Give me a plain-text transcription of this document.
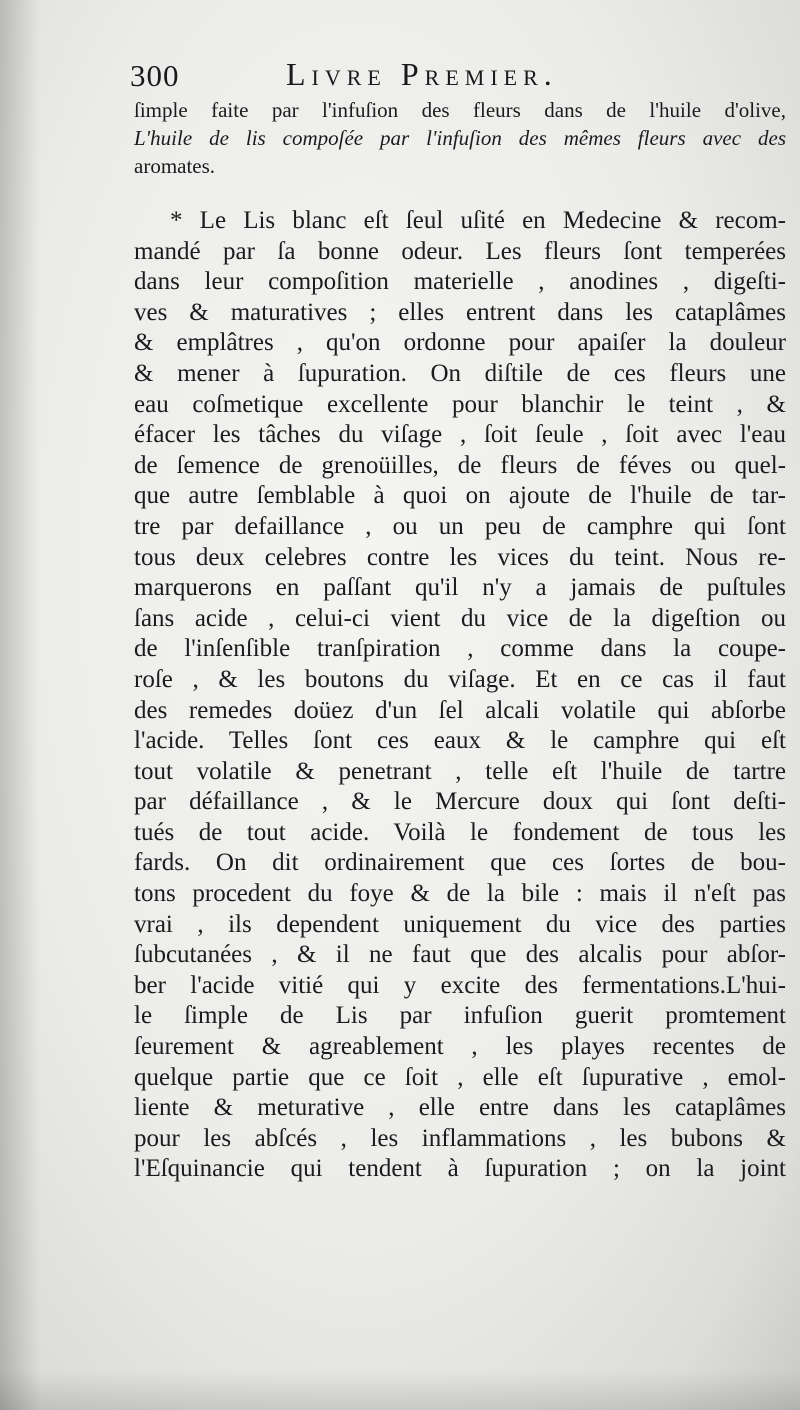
300	Livre Premier.
ſimple faite par l'infuſion des fleurs dans de l'huile d'olive,
L'huile de lis compoſée par l'infuſion des mêmes fleurs avec des
aromates.
* Le Lis blanc eſt ſeul uſité en Medecine & recom-
mandé par ſa bonne odeur. Les fleurs ſont temperées
dans leur compoſition materielle , anodines , digeſti-
ves & maturatives ; elles entrent dans les cataplâmes
& emplâtres , qu'on ordonne pour apaiſer la douleur
& mener à ſupuration. On diſtile de ces fleurs une
eau coſmetique excellente pour blanchir le teint , &
éfacer les tâches du viſage , ſoit ſeule , ſoit avec l'eau
de ſemence de grenoüilles, de fleurs de féves ou quel-
que autre ſemblable à quoi on ajoute de l'huile de tar-
tre par defaillance , ou un peu de camphre qui ſont
tous deux celebres contre les vices du teint. Nous re-
marquerons en paſſant qu'il n'y a jamais de puſtules
ſans acide , celui-ci vient du vice de la digeſtion ou
de l'inſenſible tranſpiration , comme dans la coupe-
roſe , & les boutons du viſage. Et en ce cas il faut
des remedes doüez d'un ſel alcali volatile qui abſorbe
l'acide. Telles ſont ces eaux & le camphre qui eſt
tout volatile & penetrant , telle eſt l'huile de tartre
par défaillance , & le Mercure doux qui ſont deſti-
tués de tout acide. Voilà le fondement de tous les
fards. On dit ordinairement que ces ſortes de bou-
tons procedent du foye & de la bile : mais il n'eſt pas
vrai , ils dependent uniquement du vice des parties
ſubcutanées , & il ne faut que des alcalis pour abſor-
ber l'acide vitié qui y excite des fermentations.L'hui-
le ſimple de Lis par infuſion guerit promtement
ſeurement & agreablement , les playes recentes de
quelque partie que ce ſoit , elle eſt ſupurative , emol-
liente & meturative , elle entre dans les cataplâmes
pour les abſcés , les inflammations , les bubons &
l'Eſquinancie qui tendent à ſupuration ; on la joint
